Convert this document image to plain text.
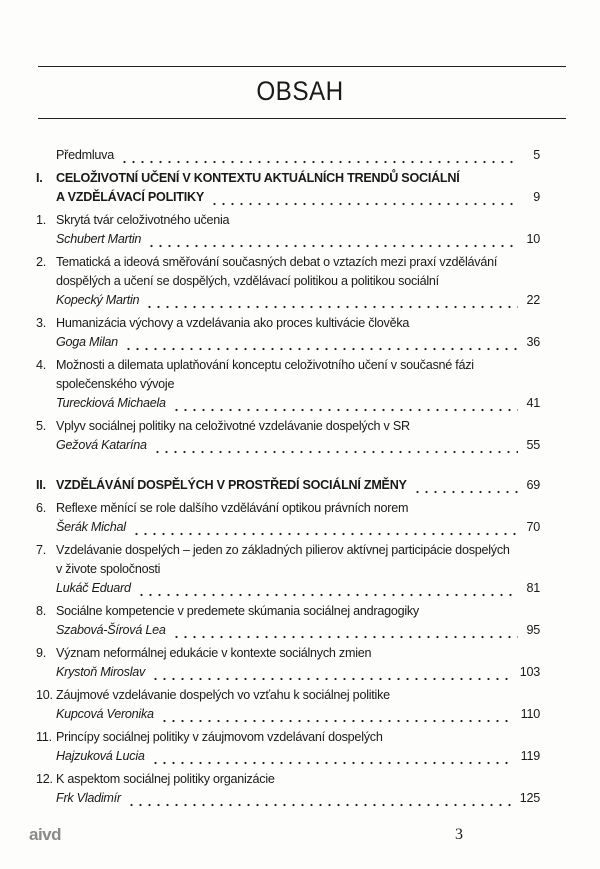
OBSAH
Předmluva	5
I. CELOŽIVOTNÍ UČENÍ V KONTEXTU AKTUÁLNÍCH TRENDŮ SOCIÁLNÍ
A VZDĚLÁVACÍ POLITIKY	9
1. Skrytá tvár celoživotného učenia
Schubert Martin	10
2. Tematická a ideová směřování současných debat o vztazích mezi praxí vzdělávání
dospělých a učení se dospělých, vzdělávací politikou a politikou sociální
Kopecký Martin	22
3. Humanizácia výchovy a vzdelávania ako proces kultivácie člověka
Goga Milan	36
4. Možnosti a dilemata uplatňování konceptu celoživotního učení v současné fázi
společenského vývoje
Tureckiová Michaela	41
5. Vplyv sociálnej politiky na celoživotné vzdelávanie dospelých v SR
Gežová Katarína	55
II. VZDĚLÁVÁNÍ DOSPĚLÝCH V PROSTŘEDÍ SOCIÁLNÍ ZMĚNY	69
6. Reflexe měnící se role dalšího vzdělávání optikou právních norem
Šerák Michal	70
7. Vzdelávanie dospelých – jeden zo základných pilierov aktívnej participácie dospelých
v živote spoločnosti
Lukáč Eduard	81
8. Sociálne kompetencie v predemete skúmania sociálnej andragogiky
Szabová-Šírová Lea	95
9. Význam neformálnej edukácie v kontexte sociálnych zmien
Krystoň Miroslav	103
10. Záujmové vzdelávanie dospelých vo vzťahu k sociálnej politike
Kupcová Veronika	110
11. Princípy sociálnej politiky v záujmovom vzdelávaní dospelých
Hajzuková Lucia	119
12. K aspektom sociálnej politiky organizácie
Frk Vladimír	125
aivd	3
